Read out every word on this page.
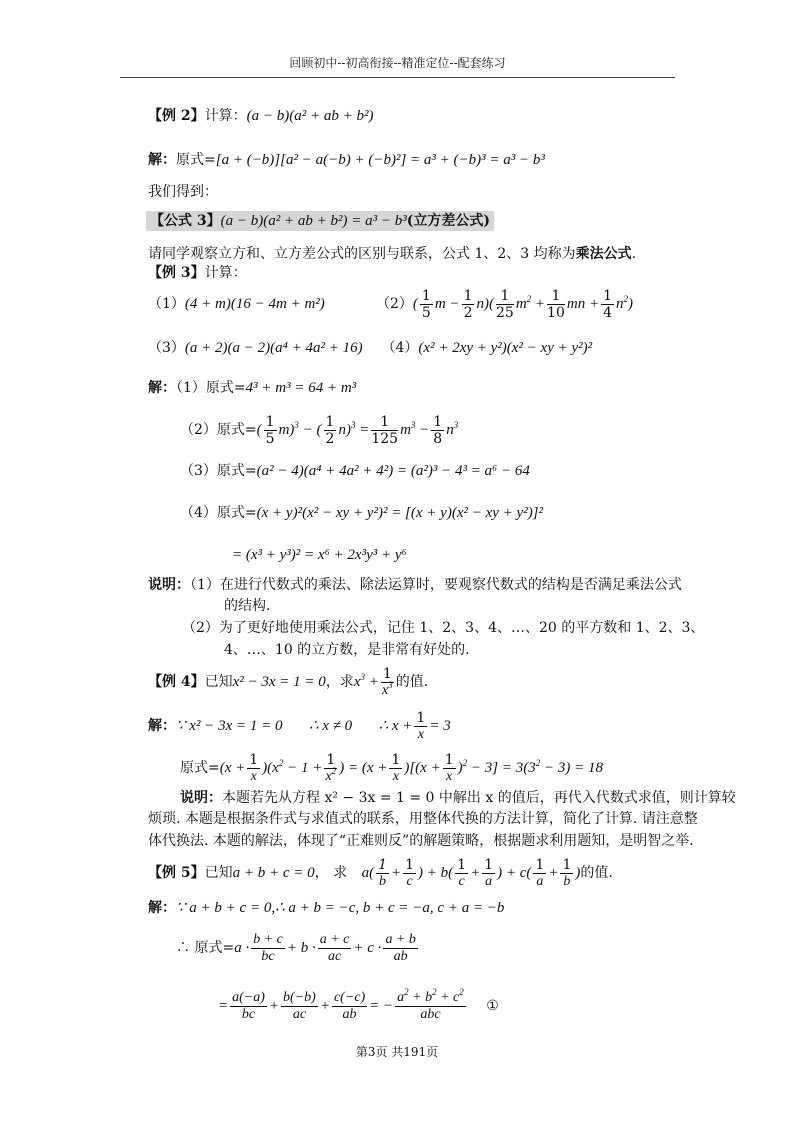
回顾初中--初高衔接--精准定位--配套练习
【例 2】计算：(a − b)(a² + ab + b²)
解：原式=[a + (−b)][a² − a(−b) + (−b)²] = a³ + (−b)³ = a³ − b³
我们得到：
【公式 3】(a − b)(a² + ab + b²) = a³ − b³(立方差公式)
请同学观察立方和、立方差公式的区别与联系，公式 1、2、3 均称为乘法公式.
【例 3】计算：
（1）(4 + m)(16 − 4m + m²)	$(2)( \frac{1}{5}$ $m - \frac{1}{2} n)( \frac{1}{25} m^2 + \frac{1}{10}$ mn + $\frac{1}{4} n^2$)
（3）(a + 2)(a − 2)(a⁴ + 4a² + 16) （4）(x² + 2xy + y²)(x² − xy + y²)²
解：（1）原式=4³ + m³ = 64 + m³
（2）原式=( $\frac{1}{5} m)^3$ − ( $\frac{1}{2} n)^3 = \frac{1}{125} m^3 - \frac{1}{8} n^3$
（3）原式=(a² − 4)(a⁴ + 4a² + 4²) = (a²)³ − 4³ = a⁶ − 64
（4）原式=(x + y)²(x² − xy + y²)² = [(x + y)(x² − xy + y²)]²
= (x³ + y³)² = x⁶ + 2x³y³ + y⁶
说明：（1）在进行代数式的乘法、除法运算时，要观察代数式的结构是否满足乘法公式
的结构.
（2）为了更好地使用乘法公式，记住 1、2、3、4、…、20 的平方数和 1、2、3、
4、…、10 的立方数，是非常有好处的.
【例 4】已知x² − 3x = 1 = 0，求$x^3 + \frac{1}{x^3}$ 的值.
解：∵ x² − 3x = 1 = 0 ∴ x ≠ 0 ∴ $x + \frac{1}{x} = 3$
原式$=(x + \frac{1}{x} )(x^2 - 1 + \frac{1}{x^2}$ ) = $(x + \frac{1}{x} )[(x + \frac{1}{x} )^2 - 3] = 3(3^2 - 3) = 18$
说明：本题若先从方程 x² − 3x = 1 = 0 中解出 x 的值后，再代入代数式求值，则计算较
烦琐. 本题是根据条件式与求值式的联系，用整体代换的方法计算，简化了计算. 请注意整
体代换法. 本题的解法，体现了“正难则反”的解题策略，根据题求利用题知，是明智之举.
【例 5】已知a + b + c = 0， 求 $a( \frac{1}{b} + \frac{1}{c}$ ) + $b( \frac{1}{c} + \frac{1}{a}$ ) + $c( \frac{1}{a} + \frac{1}{b}$ )的值.
解：∵ a + b + c = 0,∴ a + b = −c, b + c = −a, c + a = −b
∴ 原式$=a \cdot \frac{b + c}{bc} + b \cdot \frac{a + c}{ac} + c \cdot \frac{a + b}{ab}$
= $\frac{a(-a)}{bc} + \frac{b(-b)}{ac} + \frac{c(-c)}{ab}$ = − $\frac{a^2 + b^2 + c^2}{\text{abc}}$ ①
第3页 共191页
